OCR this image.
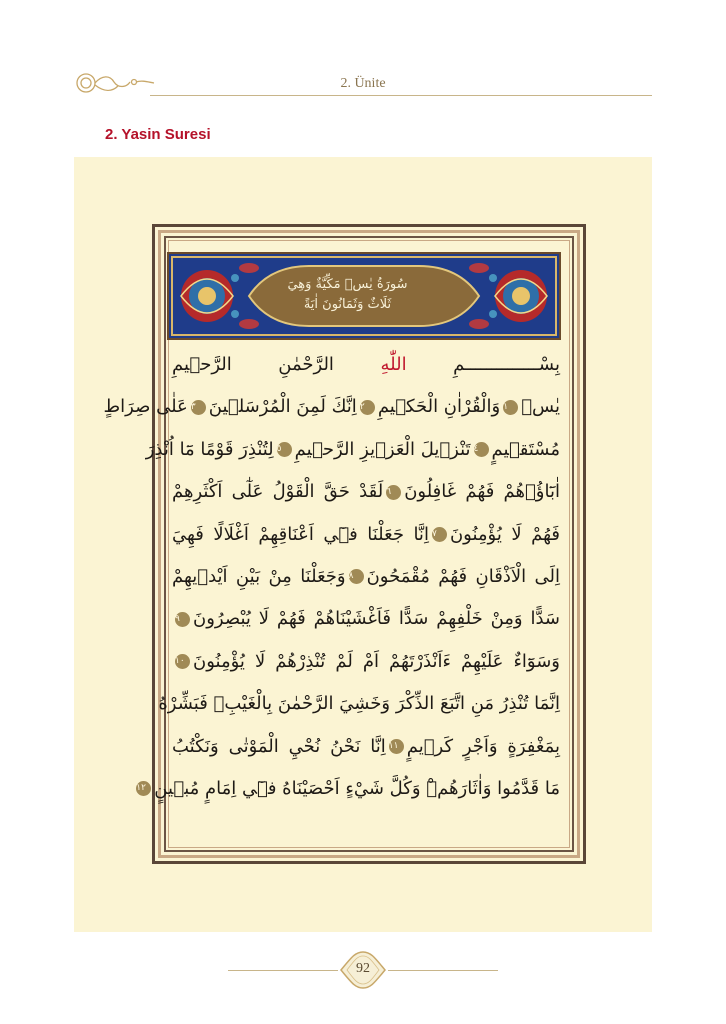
2. Ünite
2. Yasin Suresi
سُورَةُ يٰسۤ مَكِّيَّةٌ وَهِيَ
ثَلَاثٌ وَثَمَانُونَ اٰيَةً
بِسْــــــــــــــمِ اللّٰهِ الرَّحْمٰنِ الرَّح۪يمِ
يٰسۤ١وَالْقُرْاٰنِ الْحَك۪يمِ٢اِنَّكَ لَمِنَ الْمُرْسَل۪ينَ٣عَلٰى صِرَاطٍ
مُسْتَق۪يمٍ٤تَنْز۪يلَ الْعَز۪يزِ الرَّح۪يمِ٥لِتُنْذِرَ قَوْمًا مَٓا اُنْذِرَ
اٰبَٓاؤُ۬هُمْ فَهُمْ غَافِلُونَ٦لَقَدْ حَقَّ الْقَوْلُ عَلٰٓى اَكْثَرِهِمْ
فَهُمْ لَا يُؤْمِنُونَ٧اِنَّا جَعَلْنَا ف۪ٓي اَعْنَاقِهِمْ اَغْلَالًا فَهِيَ
اِلَى الْاَذْقَانِ فَهُمْ مُقْمَحُونَ٨وَجَعَلْنَا مِنْ بَيْنِ اَيْد۪يهِمْ
سَدًّا وَمِنْ خَلْفِهِمْ سَدًّا فَاَغْشَيْنَاهُمْ فَهُمْ لَا يُبْصِرُونَ٩
وَسَوَٓاءٌ عَلَيْهِمْ ءَاَنْذَرْتَهُمْ اَمْ لَمْ تُنْذِرْهُمْ لَا يُؤْمِنُونَ١٠
اِنَّمَا تُنْذِرُ مَنِ اتَّبَعَ الذِّكْرَ وَخَشِيَ الرَّحْمٰنَ بِالْغَيْبِۚ فَبَشِّرْهُ
بِمَغْفِرَةٍ وَاَجْرٍ كَر۪يمٍ١١اِنَّا نَحْنُ نُحْيِ الْمَوْتٰى وَنَكْتُبُ
مَا قَدَّمُوا وَاٰثَارَهُمْۜ وَكُلَّ شَيْءٍ اَحْصَيْنَاهُ ف۪ٓي اِمَامٍ مُب۪ينٍ١٢
92
